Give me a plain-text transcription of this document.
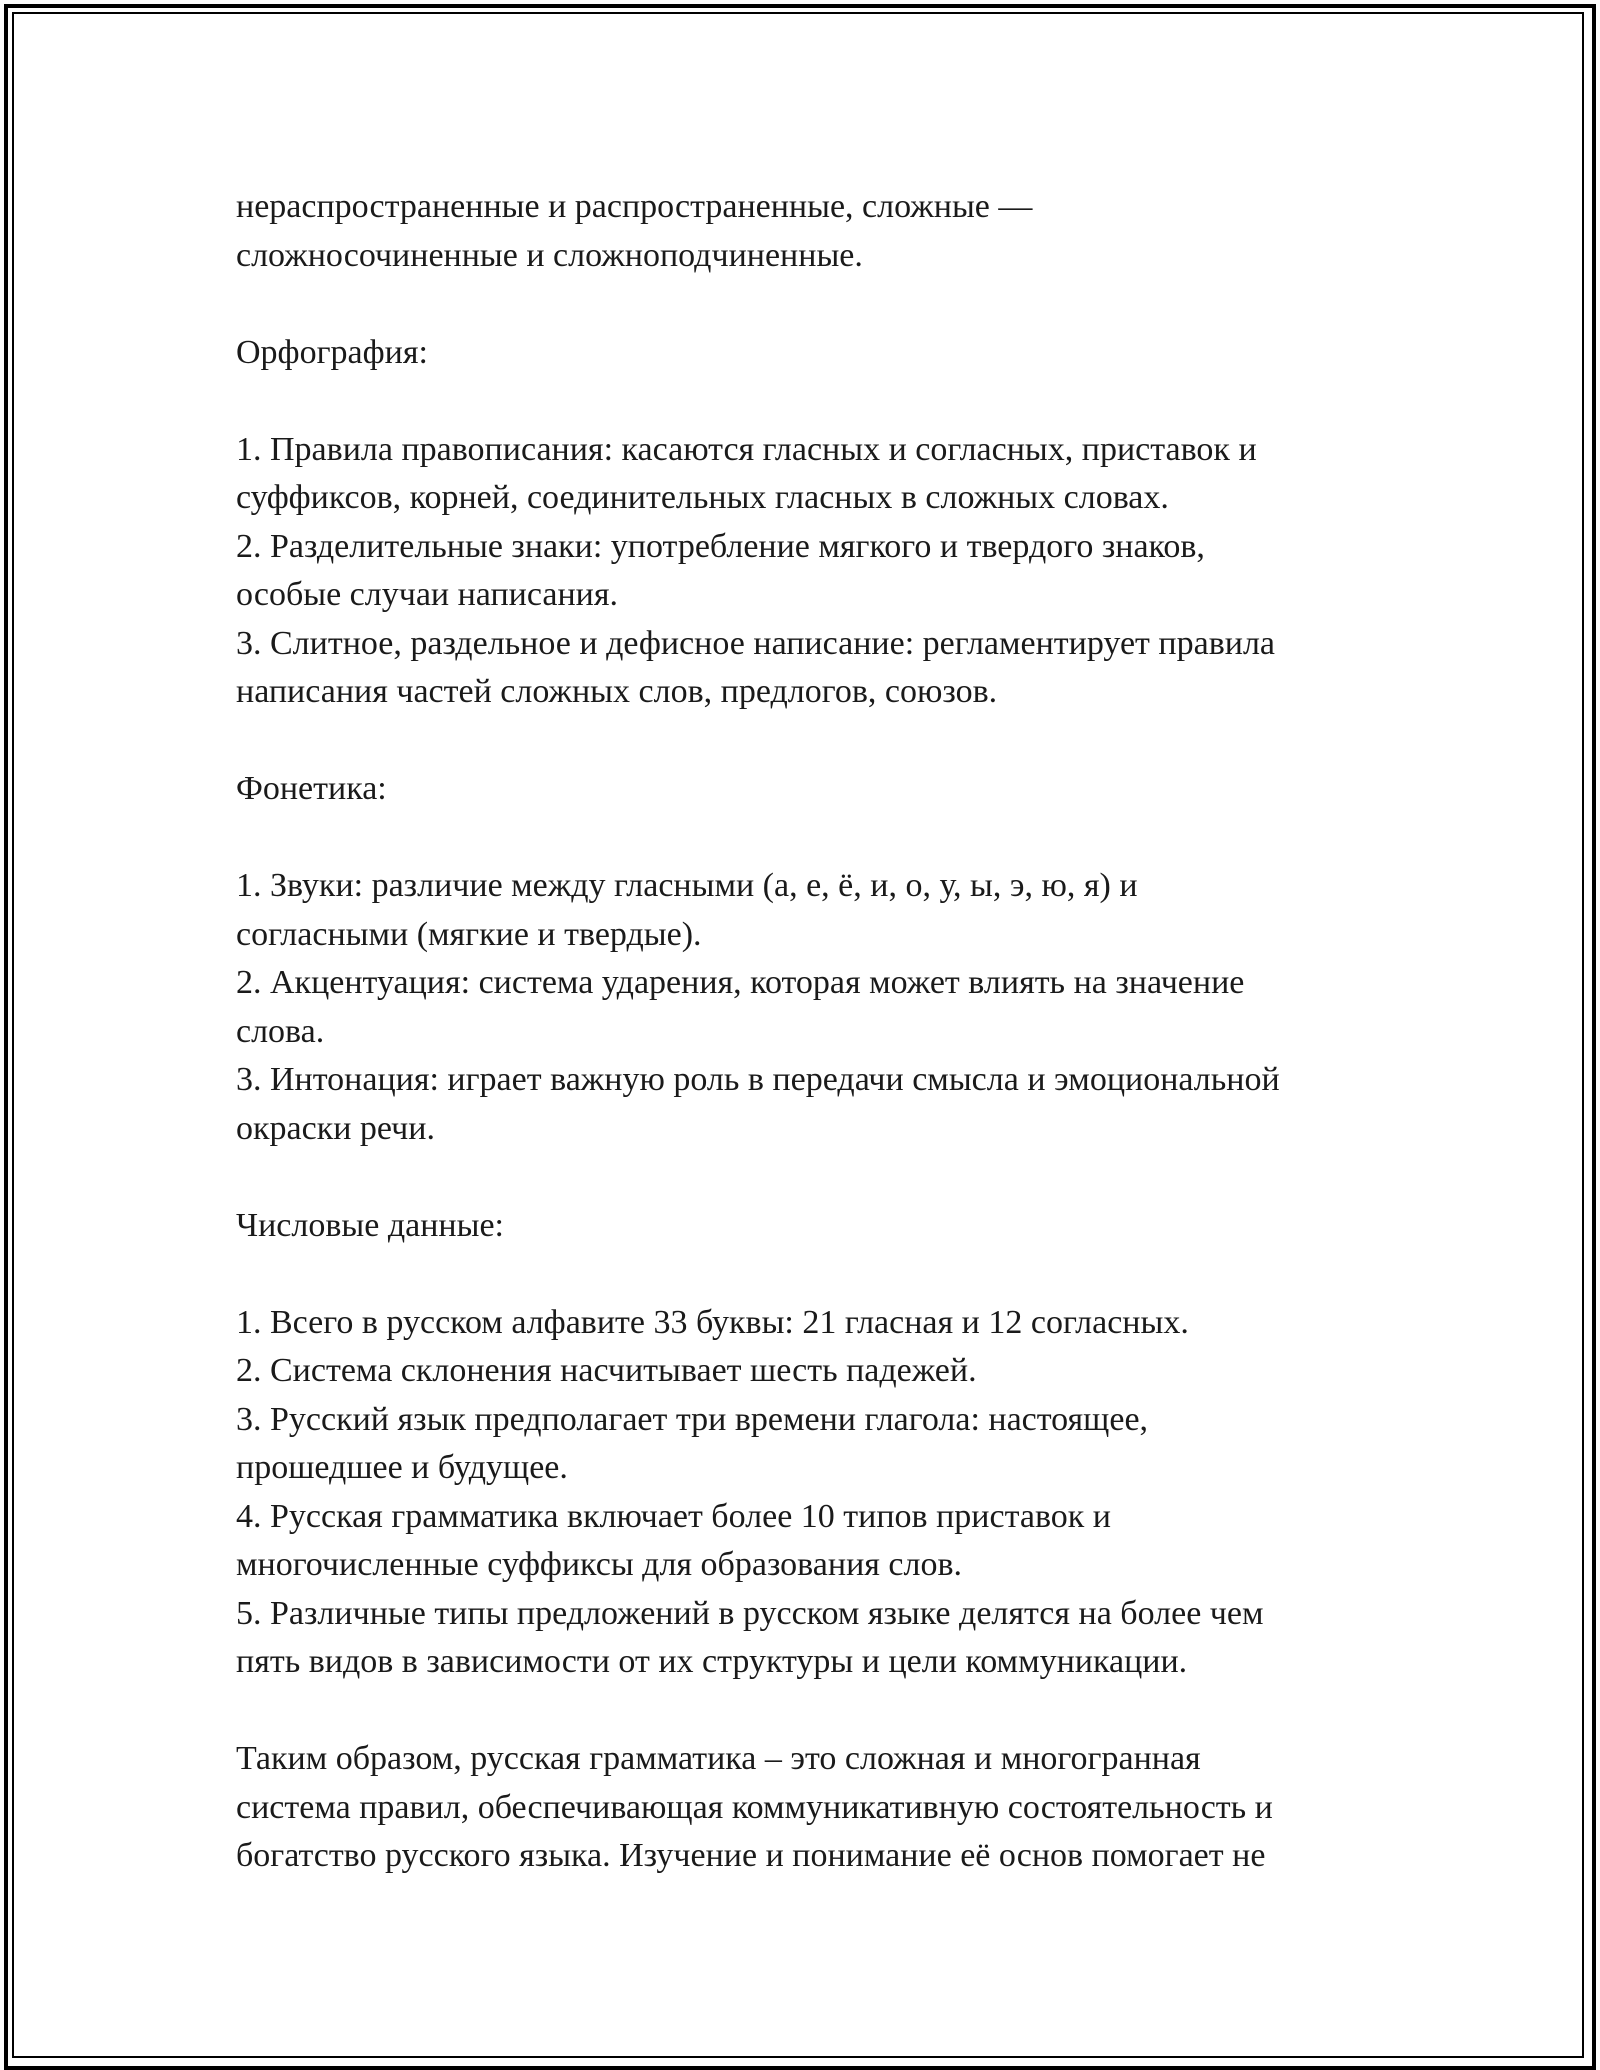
нераспространенные и распространенные, сложные —
сложносочиненные и сложноподчиненные.
Орфография:
1. Правила правописания: касаются гласных и согласных, приставок и
суффиксов, корней, соединительных гласных в сложных словах.
2. Разделительные знаки: употребление мягкого и твердого знаков,
особые случаи написания.
3. Слитное, раздельное и дефисное написание: регламентирует правила
написания частей сложных слов, предлогов, союзов.
Фонетика:
1. Звуки: различие между гласными (а, е, ё, и, о, у, ы, э, ю, я) и
согласными (мягкие и твердые).
2. Акцентуация: система ударения, которая может влиять на значение
слова.
3. Интонация: играет важную роль в передачи смысла и эмоциональной
окраски речи.
Числовые данные:
1. Всего в русском алфавите 33 буквы: 21 гласная и 12 согласных.
2. Система склонения насчитывает шесть падежей.
3. Русский язык предполагает три времени глагола: настоящее,
прошедшее и будущее.
4. Русская грамматика включает более 10 типов приставок и
многочисленные суффиксы для образования слов.
5. Различные типы предложений в русском языке делятся на более чем
пять видов в зависимости от их структуры и цели коммуникации.
Таким образом, русская грамматика – это сложная и многогранная
система правил, обеспечивающая коммуникативную состоятельность и
богатство русского языка. Изучение и понимание её основ помогает не
